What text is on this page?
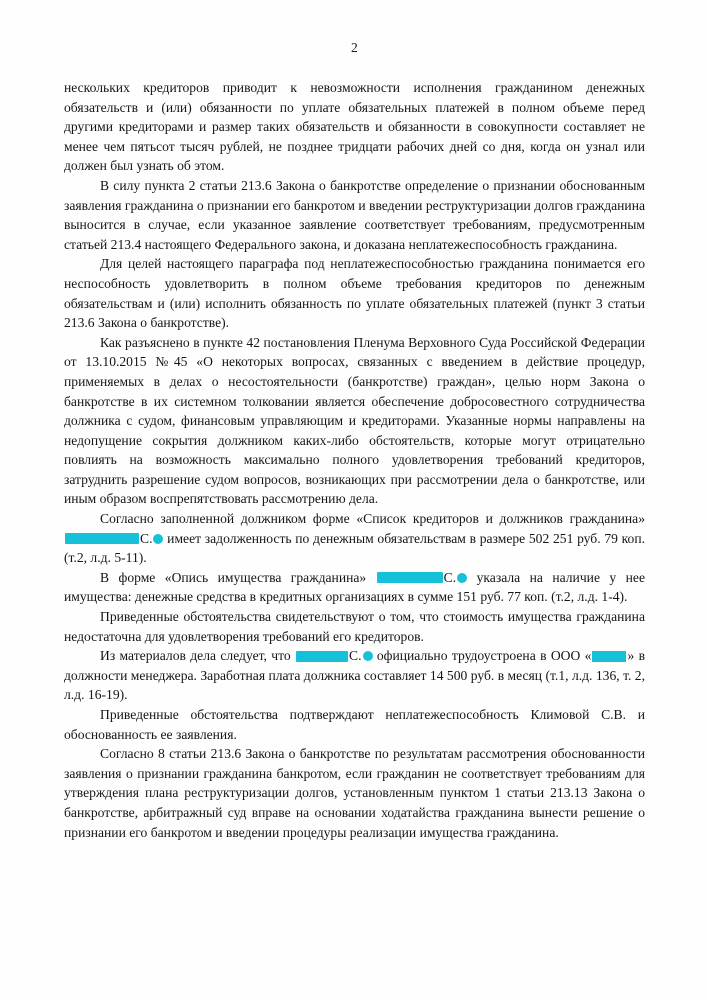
2

нескольких кредиторов приводит к невозможности исполнения гражданином денежных обязательств и (или) обязанности по уплате обязательных платежей в полном объеме перед другими кредиторами и размер таких обязательств и обязанности в совокупности составляет не менее чем пятьсот тысяч рублей, не позднее тридцати рабочих дней со дня, когда он узнал или должен был узнать об этом.

В силу пункта 2 статьи 213.6 Закона о банкротстве определение о признании обоснованным заявления гражданина о признании его банкротом и введении реструктуризации долгов гражданина выносится в случае, если указанное заявление соответствует требованиям, предусмотренным статьей 213.4 настоящего Федерального закона, и доказана неплатежеспособность гражданина.

Для целей настоящего параграфа под неплатежеспособностью гражданина понимается его неспособность удовлетворить в полном объеме требования кредиторов по денежным обязательствам и (или) исполнить обязанность по уплате обязательных платежей (пункт 3 статьи 213.6 Закона о банкротстве).

Как разъяснено в пункте 42 постановления Пленума Верховного Суда Российской Федерации от 13.10.2015 №45 «О некоторых вопросах, связанных с введением в действие процедур, применяемых в делах о несостоятельности (банкротстве) граждан», целью норм Закона о банкротстве в их системном толковании является обеспечение добросовестного сотрудничества должника с судом, финансовым управляющим и кредиторами. Указанные нормы направлены на недопущение сокрытия должником каких-либо обстоятельств, которые могут отрицательно повлиять на возможность максимально полного удовлетворения требований кредиторов, затруднить разрешение судом вопросов, возникающих при рассмотрении дела о банкротстве, или иным образом воспрепятствовать рассмотрению дела.

Согласно заполненной должником форме «Список кредиторов и должников гражданина» С. имеет задолженность по денежным обязательствам в размере 502 251 руб. 79 коп. (т.2, л.д. 5-11).

В форме «Опись имущества гражданина»	С. указала на наличие у нее имущества: денежные средства в кредитных организациях в сумме 151 руб. 77 коп. (т.2, л.д. 1-4).

Приведенные обстоятельства свидетельствуют о том, что стоимость имущества гражданина недостаточна для удовлетворения требований его кредиторов.

Из материалов дела следует, что	С. официально трудоустроена в ООО «	» в должности менеджера. Заработная плата должника составляет 14 500 руб. в месяц (т.1, л.д. 136, т. 2, л.д. 16-19).

Приведенные обстоятельства подтверждают неплатежеспособность Климовой С.В. и обоснованность ее заявления.

Согласно 8 статьи 213.6 Закона о банкротстве по результатам рассмотрения обоснованности заявления о признании гражданина банкротом, если гражданин не соответствует требованиям для утверждения плана реструктуризации долгов, установленным пунктом 1 статьи 213.13 Закона о банкротстве, арбитражный суд вправе на основании ходатайства гражданина вынести решение о признании его банкротом и введении процедуры реализации имущества гражданина.
